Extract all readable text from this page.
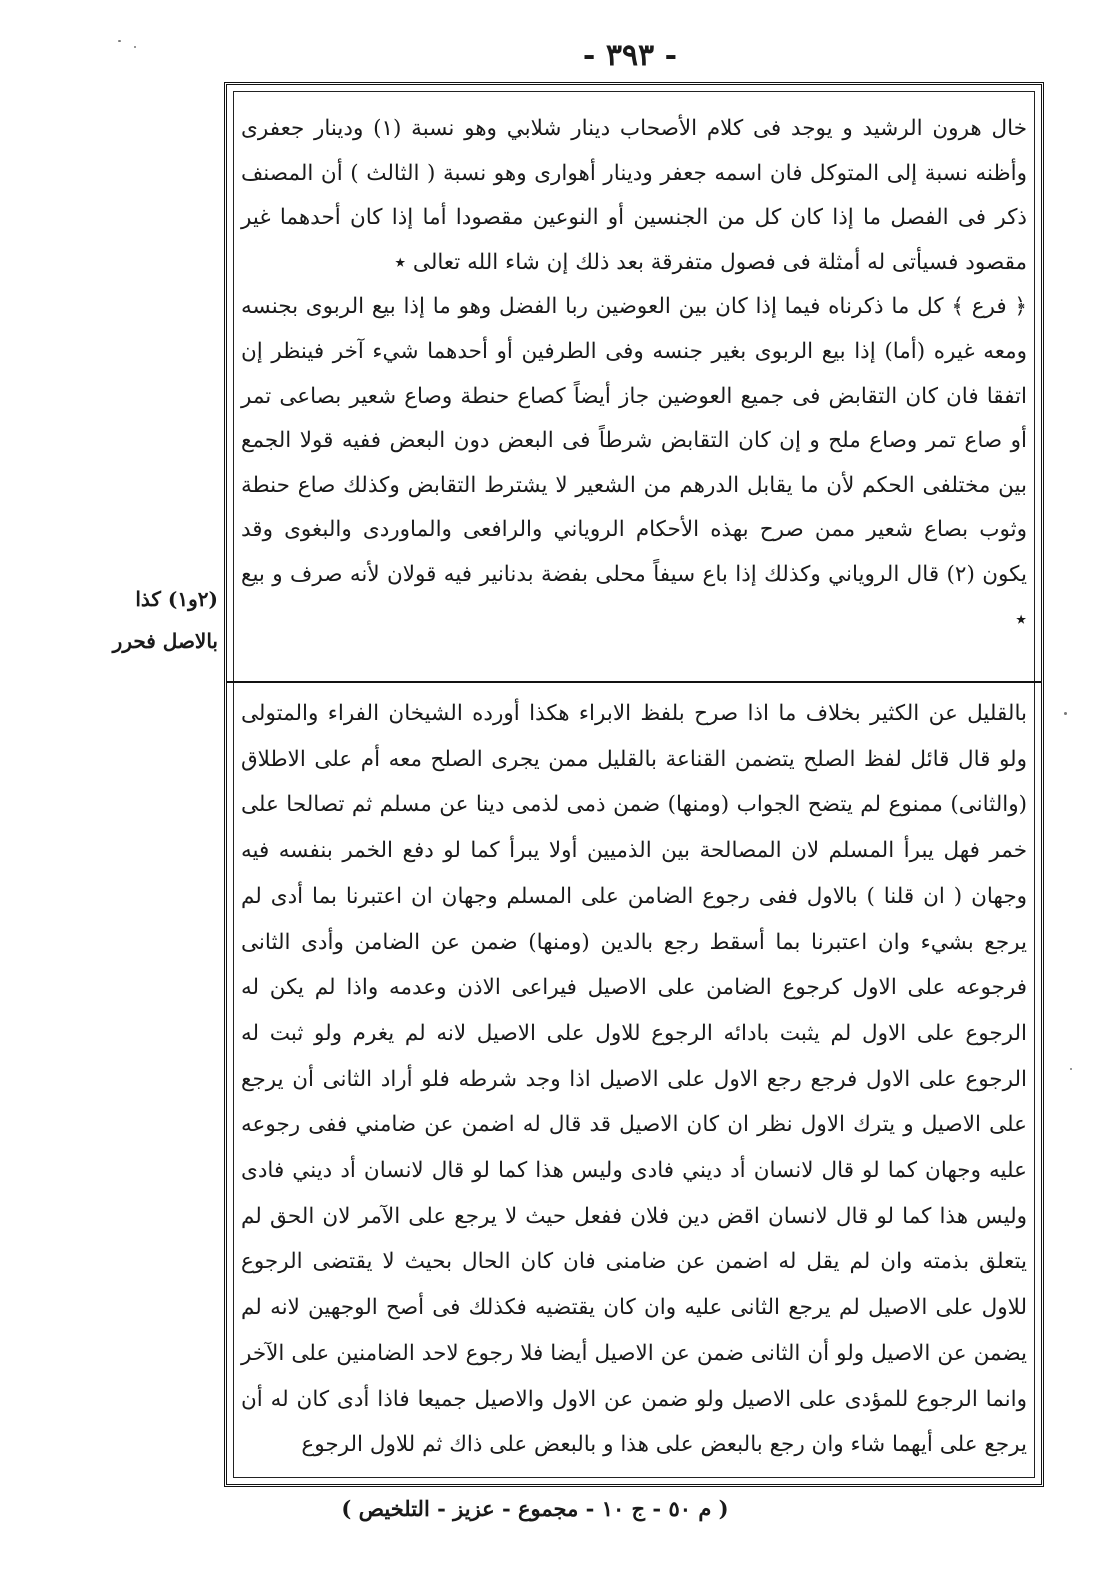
- ٣٩٣ -

خال هرون الرشيد و يوجد فى كلام الأصحاب دينار شلابي وهو نسبة (١) ودينار جعفرى وأظنه نسبة إلى المتوكل فان اسمه جعفر ودينار أهوارى وهو نسبة ( الثالث ) أن المصنف ذكر فى الفصل ما إذا كان كل من الجنسين أو النوعين مقصودا أما إذا كان أحدهما غير مقصود فسيأتى له أمثلة فى فصول متفرقة بعد ذلك إن شاء الله تعالى ٭

﴿ فرع ﴾ كل ما ذكرناه فيما إذا كان بين العوضين ربا الفضل وهو ما إذا بيع الربوى بجنسه ومعه غيره (أما) إذا بيع الربوى بغير جنسه وفى الطرفين أو أحدهما شيء آخر فينظر إن اتفقا فان كان التقابض فى جميع العوضين جاز أيضاً كصاع حنطة وصاع شعير بصاعى تمر أو صاع تمر وصاع ملح و إن كان التقابض شرطاً فى البعض دون البعض ففيه قولا الجمع بين مختلفى الحكم لأن ما يقابل الدرهم من الشعير لا يشترط التقابض وكذلك صاع حنطة وثوب بصاع شعير ممن صرح بهذه الأحكام الروياني والرافعى والماوردى والبغوى وقد يكون (٢) قال الروياني وكذلك إذا باع سيفاً محلى بفضة بدنانير فيه قولان لأنه صرف و بيع ٭

بالقليل عن الكثير بخلاف ما اذا صرح بلفظ الابراء هكذا أورده الشيخان الفراء والمتولى ولو قال قائل لفظ الصلح يتضمن القناعة بالقليل ممن يجرى الصلح معه أم على الاطلاق (والثانى) ممنوع لم يتضح الجواب (ومنها) ضمن ذمى لذمى دينا عن مسلم ثم تصالحا على خمر فهل يبرأ المسلم لان المصالحة بين الذميين أولا يبرأ كما لو دفع الخمر بنفسه فيه وجهان ( ان قلنا ) بالاول ففى رجوع الضامن على المسلم وجهان ان اعتبرنا بما أدى لم يرجع بشيء وان اعتبرنا بما أسقط رجع بالدين (ومنها) ضمن عن الضامن وأدى الثانى فرجوعه على الاول كرجوع الضامن على الاصيل فيراعى الاذن وعدمه واذا لم يكن له الرجوع على الاول لم يثبت بادائه الرجوع للاول على الاصيل لانه لم يغرم ولو ثبت له الرجوع على الاول فرجع رجع الاول على الاصيل اذا وجد شرطه فلو أراد الثانى أن يرجع على الاصيل و يترك الاول نظر ان كان الاصيل قد قال له اضمن عن ضامني ففى رجوعه عليه وجهان كما لو قال لانسان أد ديني فادى وليس هذا كما لو قال لانسان أد ديني فادى وليس هذا كما لو قال لانسان اقض دين فلان ففعل حيث لا يرجع على الآمر لان الحق لم يتعلق بذمته وان لم يقل له اضمن عن ضامنى فان كان الحال بحيث لا يقتضى الرجوع للاول على الاصيل لم يرجع الثانى عليه وان كان يقتضيه فكذلك فى أصح الوجهين لانه لم يضمن عن الاصيل ولو أن الثانى ضمن عن الاصيل أيضا فلا رجوع لاحد الضامنين على الآخر وانما الرجوع للمؤدى على الاصيل ولو ضمن عن الاول والاصيل جميعا فاذا أدى كان له أن يرجع على أيهما شاء وان رجع بالبعض على هذا و بالبعض على ذاك ثم للاول الرجوع

(٢و١) كذا
بالاصل فحرر
( م ٥٠ - ج ١٠ - مجموع - عزيز - التلخيص )
